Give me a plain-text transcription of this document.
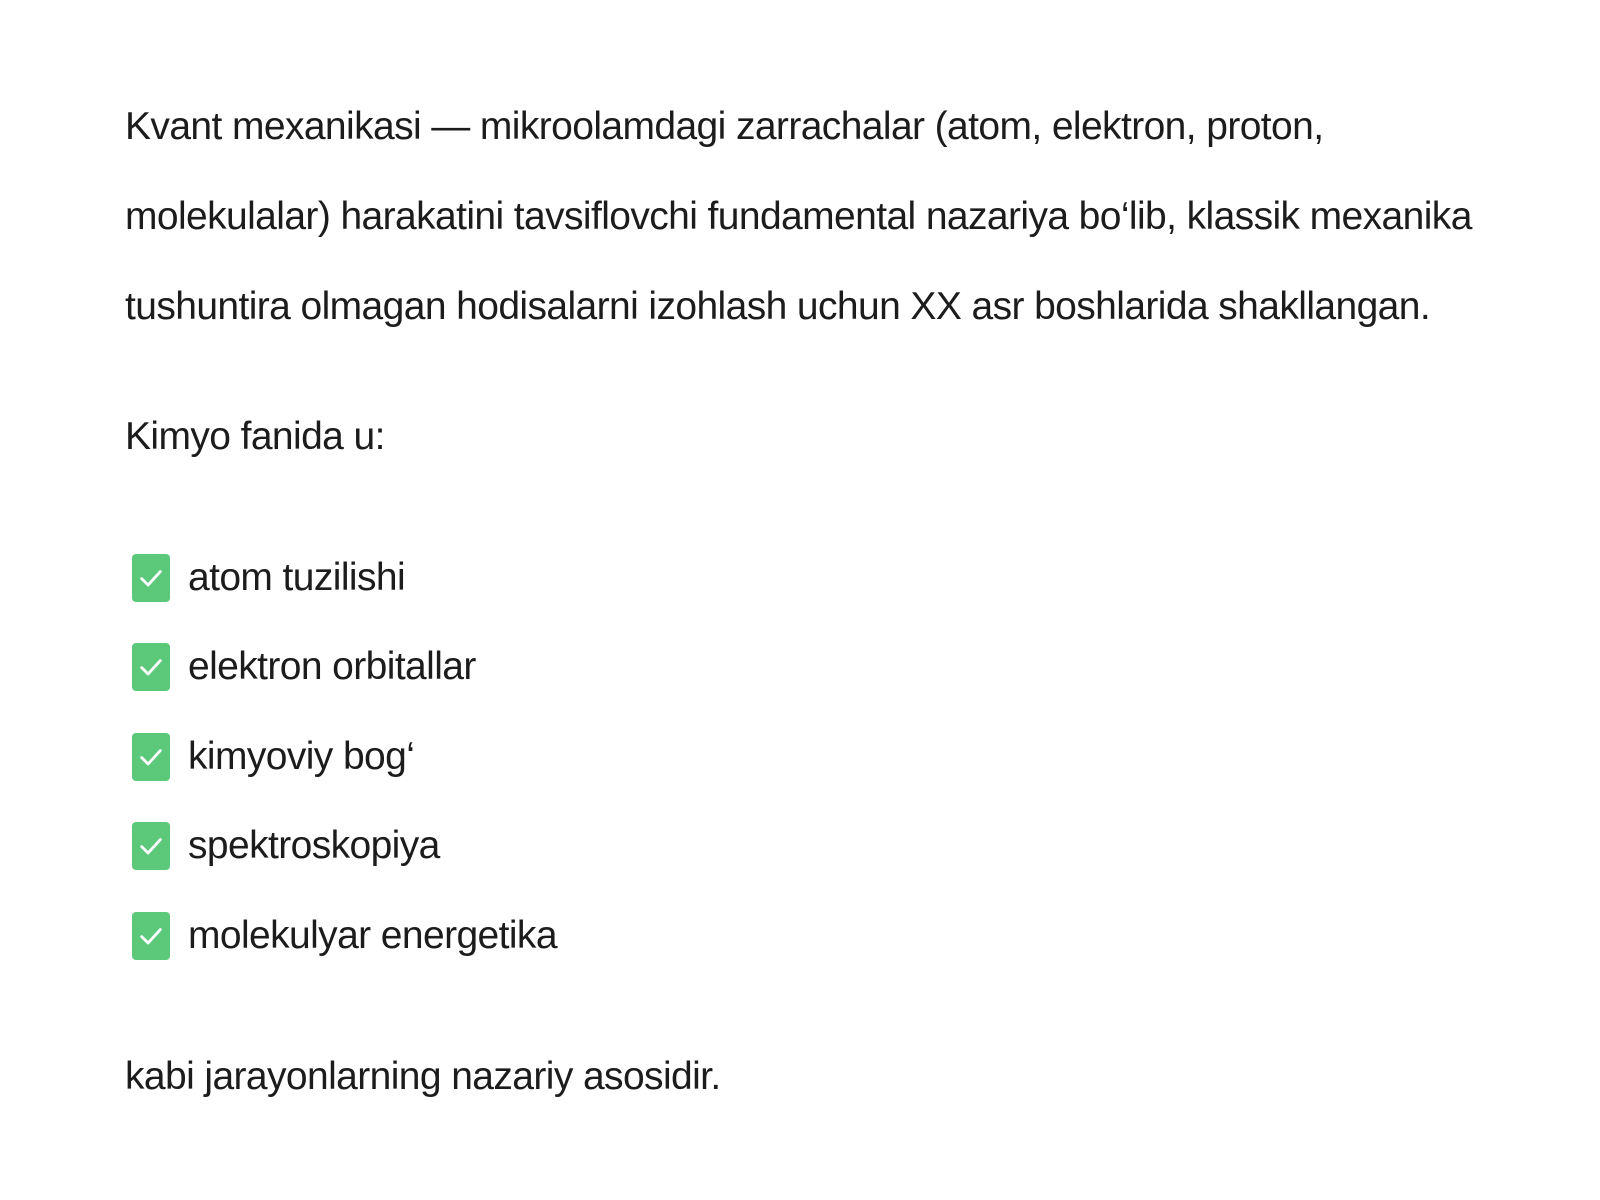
Kvant mexanikasi — mikroolamdagi zarrachalar (atom, elektron, proton, molekulalar) harakatini tavsiflovchi fundamental nazariya bo‘lib, klassik mexanika tushuntira olmagan hodisalarni izohlash uchun XX asr boshlarida shakllangan.

Kimyo fanida u:

atom tuzilishi
elektron orbitallar
kimyoviy bog‘
spektroskopiya
molekulyar energetika

kabi jarayonlarning nazariy asosidir.
